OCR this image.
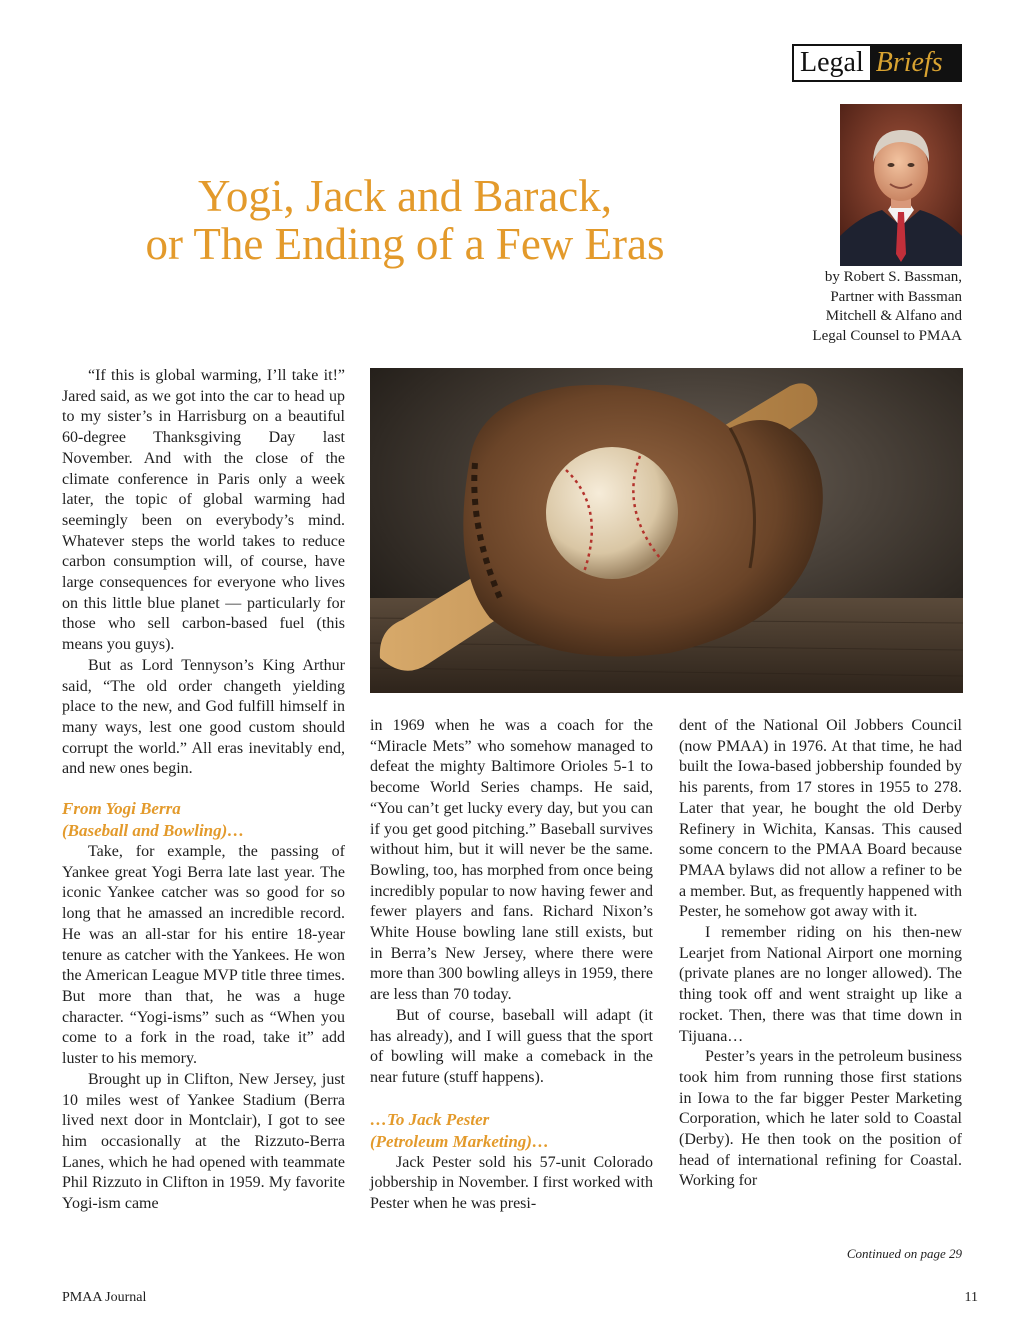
Legal Briefs
Yogi, Jack and Barack,
or The Ending of a Few Eras
by Robert S. Bassman,
Partner with Bassman
Mitchell & Alfano and
Legal Counsel to PMAA

“If this is global warming, I’ll take it!” Jared said, as we got into the car to head up to my sister’s in Harrisburg on a beautiful 60-degree Thanksgiving Day last November. And with the close of the climate conference in Paris only a week later, the topic of global warming had seemingly been on everybody’s mind. Whatever steps the world takes to reduce carbon consumption will, of course, have large consequences for everyone who lives on this little blue planet — particularly for those who sell carbon-based fuel (this means you guys).

But as Lord Tennyson’s King Arthur said, “The old order changeth yielding place to the new, and God fulfill himself in many ways, lest one good custom should corrupt the world.” All eras inevitably end, and new ones begin.

From Yogi Berra
(Baseball and Bowling)…

Take, for example, the passing of Yankee great Yogi Berra late last year. The iconic Yankee catcher was so good for so long that he amassed an incredible record. He was an all-star for his entire 18-year tenure as catcher with the Yankees. He won the American League MVP title three times. But more than that, he was a huge character. “Yogi-isms” such as “When you come to a fork in the road, take it” add luster to his memory.

Brought up in Clifton, New Jersey, just 10 miles west of Yankee Stadium (Berra lived next door in Montclair), I got to see him occasionally at the Rizzuto-Berra Lanes, which he had opened with teammate Phil Rizzuto in Clifton in 1959. My favorite Yogi-ism came

in 1969 when he was a coach for the “Miracle Mets” who somehow managed to defeat the mighty Baltimore Orioles 5-1 to become World Series champs. He said, “You can’t get lucky every day, but you can if you get good pitching.” Baseball survives without him, but it will never be the same. Bowling, too, has morphed from once being incredibly popular to now having fewer and fewer players and fans. Richard Nixon’s White House bowling lane still exists, but in Berra’s New Jersey, where there were more than 300 bowling alleys in 1959, there are less than 70 today.

But of course, baseball will adapt (it has already), and I will guess that the sport of bowling will make a comeback in the near future (stuff happens).

…To Jack Pester
(Petroleum Marketing)…

Jack Pester sold his 57-unit Colorado jobbership in November. I first worked with Pester when he was presi-

dent of the National Oil Jobbers Council (now PMAA) in 1976. At that time, he had built the Iowa-based jobbership founded by his parents, from 17 stores in 1955 to 278. Later that year, he bought the old Derby Refinery in Wichita, Kansas. This caused some concern to the PMAA Board because PMAA bylaws did not allow a refiner to be a member. But, as frequently happened with Pester, he somehow got away with it.

I remember riding on his then-new Learjet from National Airport one morning (private planes are no longer allowed). The thing took off and went straight up like a rocket. Then, there was that time down in Tijuana…

Pester’s years in the petroleum business took him from running those first stations in Iowa to the far bigger Pester Marketing Corporation, which he later sold to Coastal (Derby). He then took on the position of head of international refining for Coastal. Working for

Continued on page 29
PMAA Journal	11
